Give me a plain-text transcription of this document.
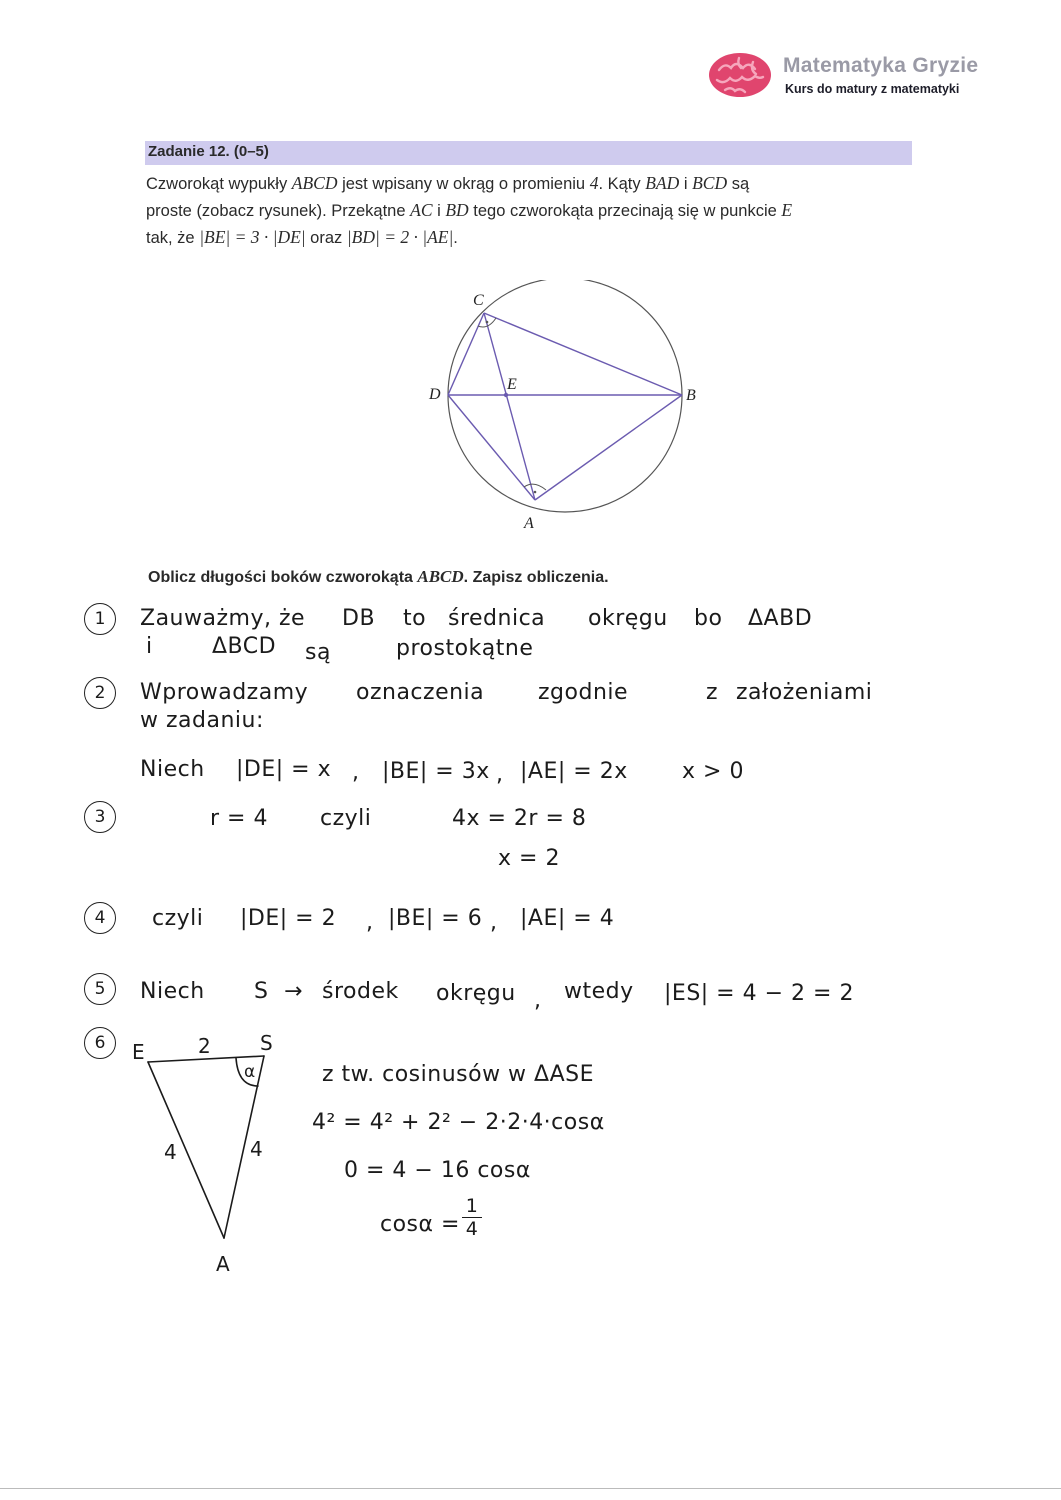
Matematyka Gryzie
Kurs do matury z matematyki
Zadanie 12. (0–5)
Czworokąt wypukły ABCD jest wpisany w okrąg o promieniu 4. Kąty BAD i BCD są
proste (zobacz rysunek). Przekątne AC i BD tego czworokąta przecinają się w punkcie E
tak, że |BE| = 3 · |DE| oraz |BD| = 2 · |AE|.
C
D
E
B
A
Oblicz długości boków czworokąta ABCD. Zapisz obliczenia.
1
2
3
4
5
6
Zauważmy, że DB to średnica okręgu bo ΔABD
i	ΔBCD są	prostokątne
Wprowadzamy oznaczenia zgodnie	z założeniami
w zadaniu:
Niech |DE| = x , |BE| = 3x , |AE| = 2x x > 0
r = 4 czyli	4x = 2r = 8
x = 2
czyli |DE| = 2 , |BE| = 6 , |AE| = 4
Niech S → środek okręgu , wtedy |ES| = 4 − 2 = 2
E	S
A
2
4	4
α	z tw. cosinusów w ΔASE
4² = 4² + 2² − 2·2·4·cosα
0 = 4 − 16 cosα
cosα =
1
4
